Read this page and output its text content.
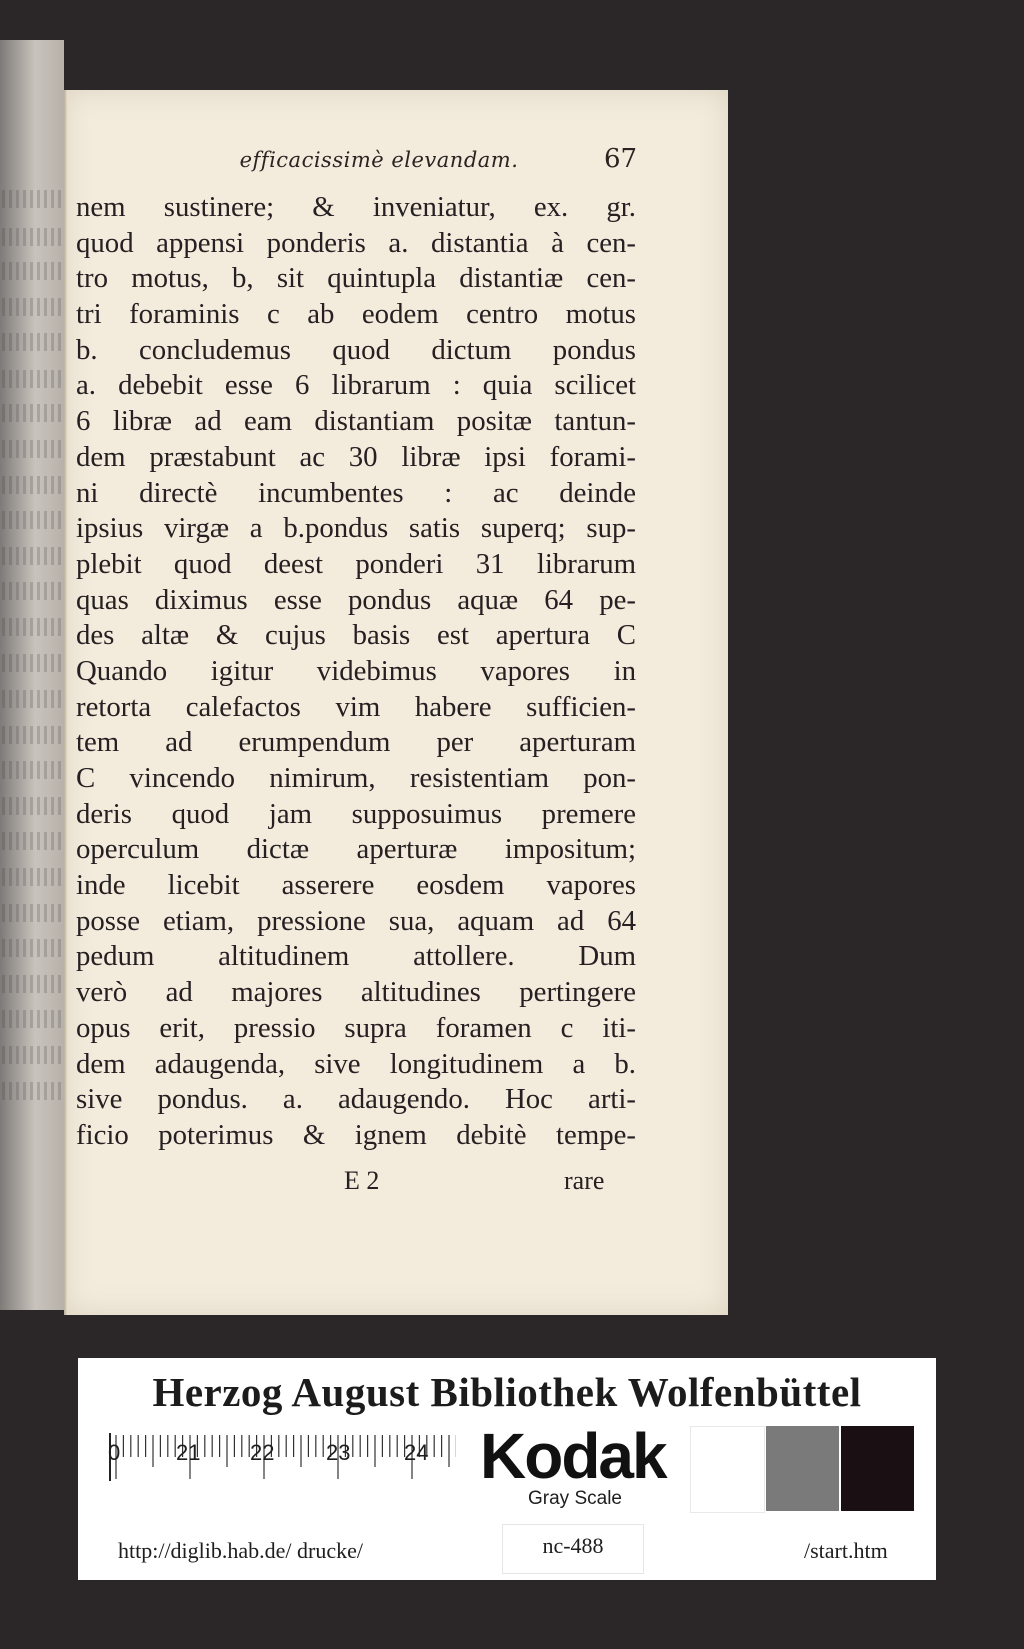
efficacissimè elevandam.	67
nem sustinere; & inveniatur, ex. gr.
quod appensi ponderis a. distantia à cen-
tro motus, b, sit quintupla distantiæ cen-
tri foraminis c ab eodem centro motus
b. concludemus quod dictum pondus
a. debebit esse 6 librarum : quia scilicet
6 libræ ad eam distantiam positæ tantun-
dem præstabunt ac 30 libræ ipsi forami-
ni directè incumbentes : ac deinde
ipsius virgæ a b.pondus satis superq; sup-
plebit quod deest ponderi 31 librarum
quas diximus esse pondus aquæ 64 pe-
des altæ & cujus basis est apertura C
Quando igitur videbimus vapores in
retorta calefactos vim habere sufficien-
tem ad erumpendum per aperturam
C vincendo nimirum, resistentiam pon-
deris quod jam supposuimus premere
operculum dictæ aperturæ impositum;
inde licebit asserere eosdem vapores
posse etiam, pressione sua, aquam ad 64
pedum altitudinem attollere. Dum
verò ad majores altitudines pertingere
opus erit, pressio supra foramen c iti-
dem adaugenda, sive longitudinem a b.
sive pondus. a. adaugendo. Hoc arti-
ficio poterimus & ignem debitè tempe-
E 2	rare
Herzog August Bibliothek Wolfenbüttel
0	21 22 23 24 Kodak
Gray Scale
http://diglib.hab.de/ drucke/	nc-488	/start.htm
